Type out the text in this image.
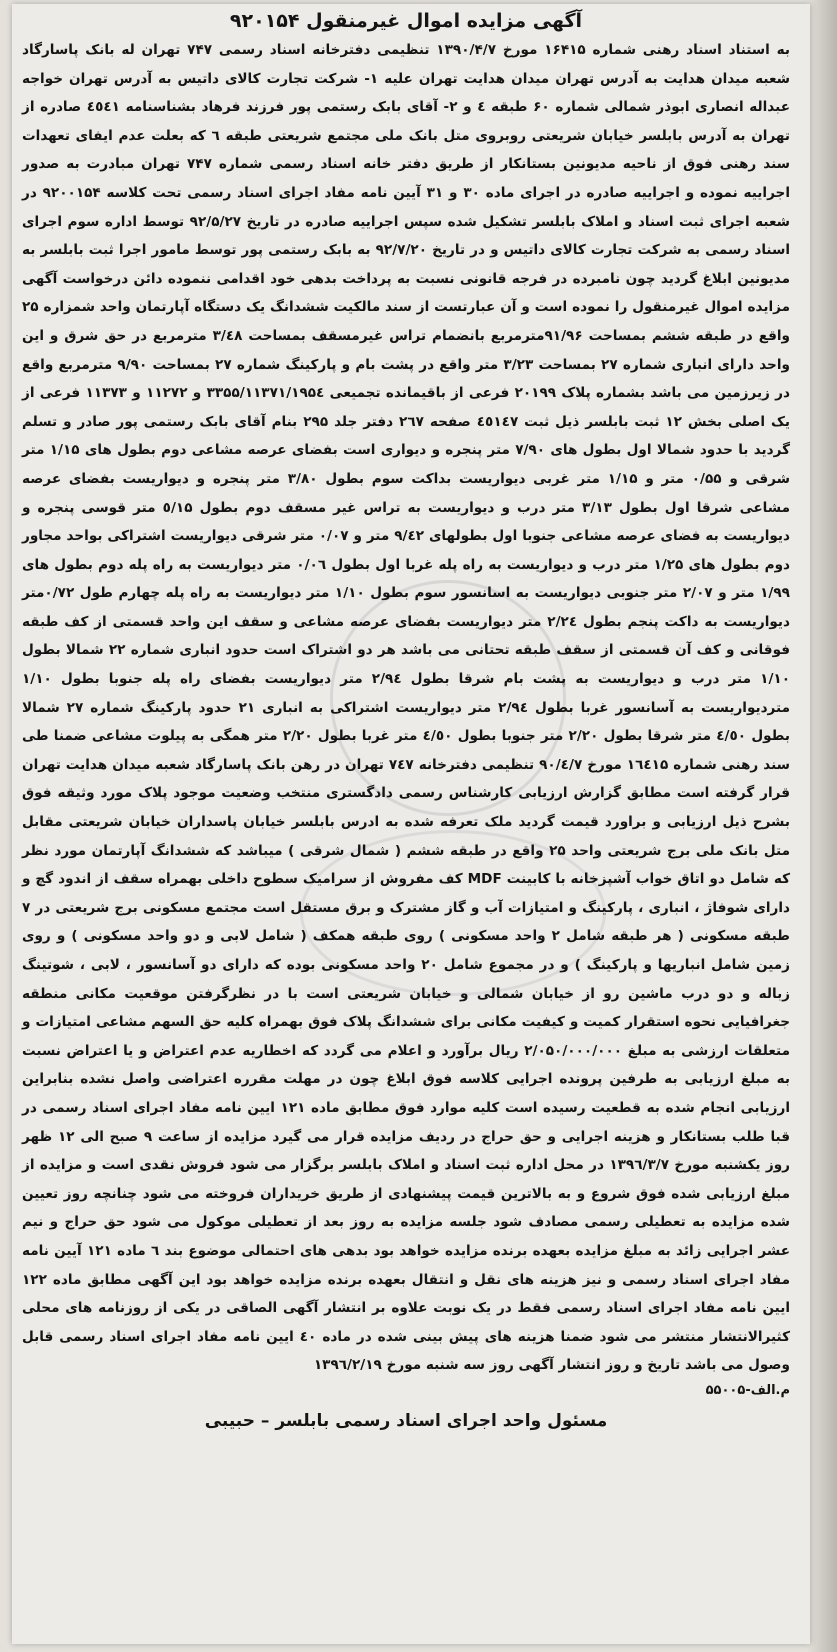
آگهی مزایده اموال غیرمنقول ۹۲۰۱۵۴

به استناد اسناد رهنی شماره ۱۶۴۱۵ مورخ ۱۳۹۰/۴/۷ تنظیمی دفترخانه اسناد رسمی ۷۴۷ تهران له بانک پاسارگاد شعبه میدان هدایت به آدرس تهران میدان هدایت تهران علیه ۱- شرکت تجارت کالای داتیس به آدرس تهران خواجه عبداله انصاری ابوذر شمالی شماره ۶۰ طبقه ٤ و ۲- آقای بابک رستمی پور فرزند فرهاد بشناسنامه ٤٥٤١ صادره از تهران به آدرس بابلسر خیابان شریعتی روبروی متل بانک ملی مجتمع شریعتی طبقه ٦ که بعلت عدم ایفای تعهدات سند رهنی فوق از ناحیه مدیونین بستانکار از طریق دفتر خانه اسناد رسمی شماره ۷۴۷ تهران مبادرت به صدور اجراییه نموده و اجراییه صادره در اجرای ماده ۳۰ و ۳۱ آیین نامه مفاد اجرای اسناد رسمی تحت کلاسه ۹۲۰۰۱۵۴ در شعبه اجرای ثبت اسناد و املاک بابلسر تشکیل شده سپس اجراییه صادره در تاریخ ۹۲/۵/۲۷ توسط اداره سوم اجرای اسناد رسمی به شرکت تجارت کالای داتیس و در تاریخ ۹۲/۷/۲۰ به بابک رستمی پور توسط مامور اجرا ثبت بابلسر به مدیونین ابلاغ گردید چون نامبرده در فرجه قانونی نسبت به پرداخت بدهی خود اقدامی ننموده دائن درخواست آگهی مزایده اموال غیرمنقول را نموده است و آن عبارتست از سند مالکیت ششدانگ یک دستگاه آپارتمان واحد شمزاره ۲۵ واقع در طبقه ششم بمساحت ۹۱/۹۶مترمربع بانضمام تراس غیرمسقف بمساحت ۳/٤۸ مترمربع در حق شرق و این واحد دارای انباری شماره ۲۷ بمساحت ۳/۲۳ متر واقع در پشت بام و پارکینگ شماره ۲۷ بمساحت ۹/۹۰ مترمربع واقع در زیرزمین می باشد بشماره پلاک ۲۰۱۹۹ فرعی از باقیمانده تجمیعی ۳۳۵۵/۱۱۳۷۱/۱۹۵٤ و ۱۱۲۷۲ و ۱۱۳۷۳ فرعی از یک اصلی بخش ۱۲ ثبت بابلسر ذیل ثبت ٤٥۱٤۷ صفحه ۲٦۷ دفتر جلد ۲۹۵ بنام آقای بابک رستمی پور صادر و تسلم گردید با حدود شمالا اول بطول های ۷/۹۰ متر پنجره و دیواری است بفضای عرصه مشاعی دوم بطول های ۱/۱۵ متر شرقی و ۰/۵۵ متر و ۱/۱۵ متر غربی دیواریست بداکت سوم بطول ۳/۸۰ متر پنجره و دیواریست بفضای عرصه مشاعی شرقا اول بطول ۳/۱۳ متر درب و دیواریست به تراس غیر مسقف دوم بطول ٥/۱۵ متر قوسی پنجره و دیواریست به فضای عرصه مشاعی جنوبا اول بطولهای ۹/٤۲ متر و ۰/۰۷ متر شرقی دیواریست اشتراکی بواحد مجاور دوم بطول های ۱/۲۵ متر درب و دیواریست به راه پله غربا اول بطول ۰/۰٦ متر دیواریست به راه پله دوم بطول های ۱/۹۹ متر و ۲/۰۷ متر جنوبی دیواریست به اسانسور سوم بطول ۱/۱۰ متر دیواریست به راه پله چهارم طول ۰/۷۲متر دیواریست به داکت پنجم بطول ۲/۲٤ متر دیواریست بفضای عرصه مشاعی و سقف این واحد قسمتی از کف طبقه فوقانی و کف آن قسمتی از سقف طبقه تحتانی می باشد هر دو اشتراک است حدود انباری شماره ۲۲ شمالا بطول ۱/۱۰ متر درب و دیواریست به پشت بام شرقا بطول ۲/۹٤ متر دیواریست بفضای راه پله جنوبا بطول ۱/۱۰ متردیواریست به آسانسور غربا بطول ۲/۹٤ متر دیواریست اشتراکی به انباری ۲۱ حدود پارکینگ شماره ۲۷ شمالا بطول ٤/٥۰ متر شرقا بطول ۲/۲۰ متر جنوبا بطول ٤/٥۰ متر غربا بطول ۲/۲۰ متر همگی به پیلوت مشاعی ضمنا طی سند رهنی شماره ۱٦٤۱۵ مورخ ۹۰/٤/۷ تنظیمی دفترخانه ۷٤۷ تهران در رهن بانک پاسارگاد شعبه میدان هدایت تهران قرار گرفته است مطابق گزارش ارزیابی کارشناس رسمی دادگستری منتخب وضعیت موجود پلاک مورد وثیقه فوق بشرح ذیل ارزیابی و براورد قیمت گردید ملک تعرفه شده به ادرس بابلسر خیابان پاسداران خیابان شریعتی مقابل متل بانک ملی برج شریعتی واحد ۲۵ واقع در طبقه ششم ( شمال شرقی ) میباشد که ششدانگ آپارتمان مورد نظر که شامل دو اتاق خواب آشپزخانه با کابینت MDF کف مفروش از سرامیک سطوح داخلی بهمراه سقف از اندود گچ و دارای شوفاژ ، انباری ، پارکینگ و امتیازات آب و گاز مشترک و برق مستقل است مجتمع مسکونی برج شریعتی در ۷ طبقه مسکونی ( هر طبقه شامل ۲ واحد مسکونی ) روی طبقه همکف ( شامل لابی و دو واحد مسکونی ) و روی زمین شامل انباریها و پارکینگ ) و در مجموع شامل ۲۰ واحد مسکونی بوده که دارای دو آسانسور ، لابی ، شوتینگ زباله و دو درب ماشین رو از خیابان شمالی و خیابان شریعتی است با در نظرگرفتن موقعیت مکانی منطقه جغرافیایی نحوه استقرار کمیت و کیفیت مکانی برای ششدانگ پلاک فوق بهمراه کلیه حق السهم مشاعی امتیازات و متعلقات ارزشی به مبلغ ۲/۰۵۰/۰۰۰/۰۰۰ ریال برآورد و اعلام می گردد که اخطاریه عدم اعتراض و یا اعتراض نسبت به مبلغ ارزیابی به طرفین پرونده اجرایی کلاسه فوق ابلاغ چون در مهلت مقرره اعتراضی واصل نشده بنابراین ارزیابی انجام شده به قطعیت رسیده است کلیه موارد فوق مطابق ماده ۱۲۱ ایین نامه مفاد اجرای اسناد رسمی در قبا طلب بستانکار و هزینه اجرایی و حق حراج در ردیف مزایده قرار می گیرد مزایده از ساعت ۹ صبح الی ۱۲ ظهر روز یکشنبه مورخ ۱۳۹٦/۳/۷ در محل اداره ثبت اسناد و املاک بابلسر برگزار می شود فروش نقدی است و مزایده از مبلغ ارزیابی شده فوق شروع و به بالاترین قیمت پیشنهادی از طریق خریداران فروخته می شود چنانچه روز تعیین شده مزایده به تعطیلی رسمی مصادف شود جلسه مزایده به روز بعد از تعطیلی موکول می شود حق حراج و نیم عشر اجرایی زائد به مبلغ مزایده بعهده برنده مزایده خواهد بود بدهی های احتمالی موضوع بند ٦ ماده ۱۲۱ آیین نامه مفاد اجرای اسناد رسمی و نیز هزینه های نقل و انتقال بعهده برنده مزایده خواهد بود این آگهی مطابق ماده ۱۲۲ ایین نامه مفاد اجرای اسناد رسمی فقط در یک نوبت علاوه بر انتشار آگهی الصاقی در یکی از روزنامه های محلی کثیرالانتشار منتشر می شود ضمنا هزینه های پیش بینی شده در ماده ٤۰ ایین نامه مفاد اجرای اسناد رسمی قابل وصول می باشد تاریخ و روز انتشار آگهی روز سه شنبه مورخ ۱۳۹٦/۲/۱۹

م.الف-۵۵۰۰۵

مسئول واحد اجرای اسناد رسمی بابلسر – حبیبی
